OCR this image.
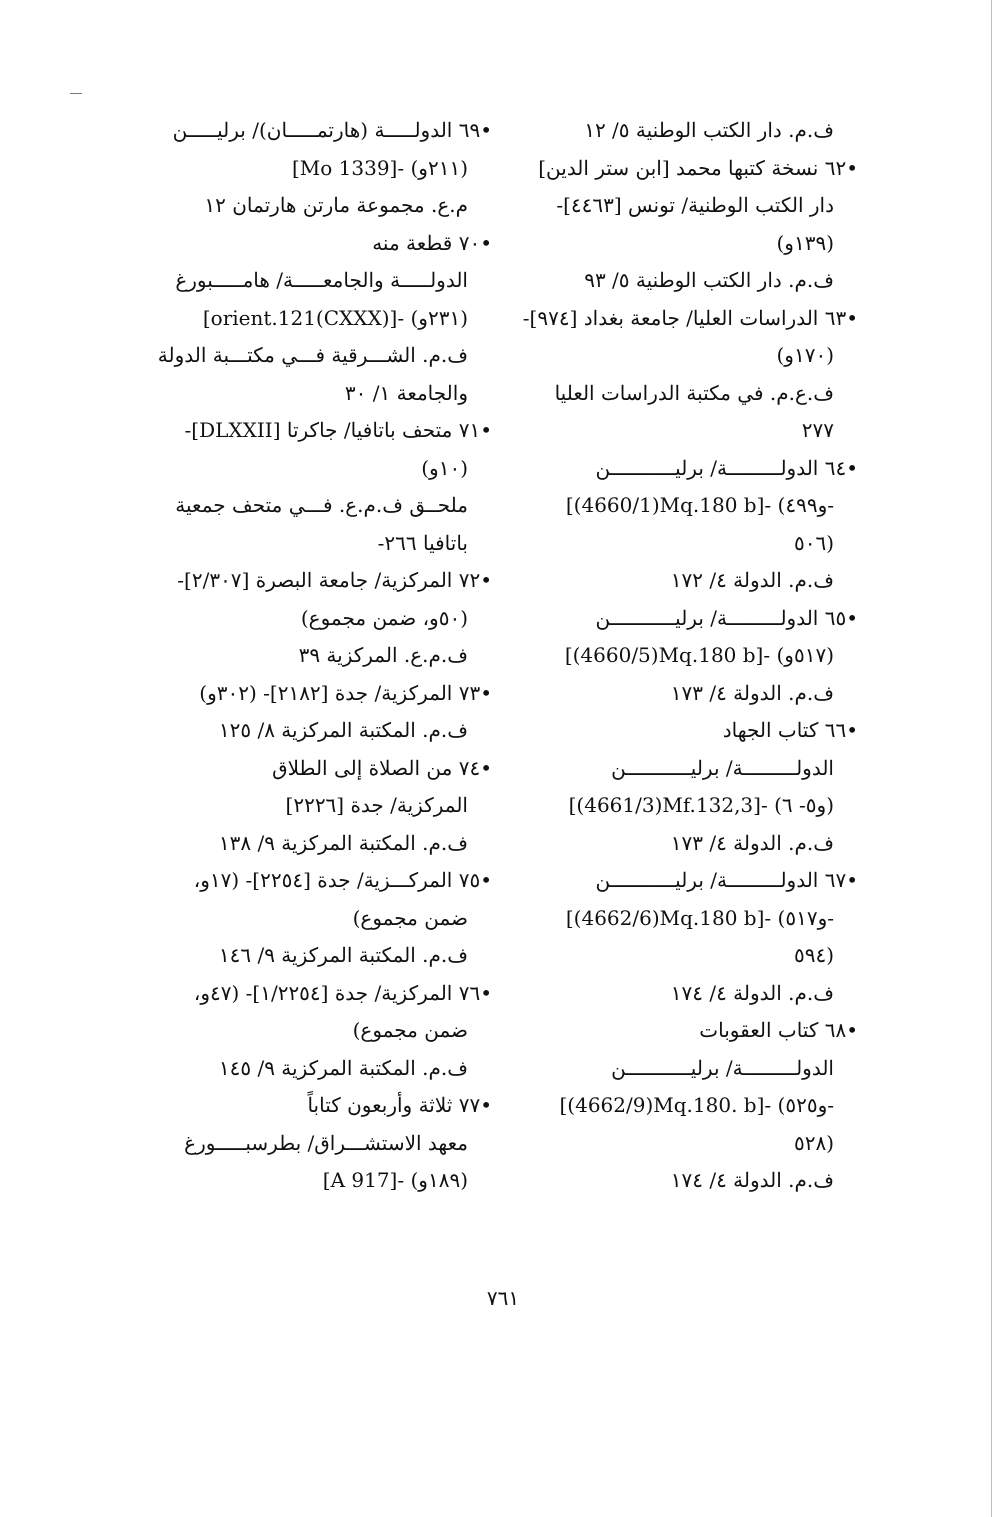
ف.م. دار الكتب الوطنية ٥/ ١٢
•٦٢ نسخة كتبها محمد [ابن ستر الدين]
دار الكتب الوطنية/ تونس [٤٤٦٣]-
(١٣٩و)
ف.م. دار الكتب الوطنية ٥/ ٩٣
•٦٣ الدراسات العليا/ جامعة بغداد [٩٧٤]-
(١٧٠و)
ف.ع.م. في مكتبة الدراسات العليا
٢٧٧
•٦٤ الدولـــــــــة/ برليـــــــــــن
[(4660/1)Mq.180 b]- (و٤٩٩-
٥٠٦)
ف.م. الدولة ٤/ ١٧٢
•٦٥ الدولـــــــــة/ برليـــــــــــن
[(4660/5)Mq.180 b]- (٥١٧و)
ف.م. الدولة ٤/ ١٧٣
•٦٦ كتاب الجهاد
الدولـــــــــة/ برليـــــــــــن
[(4661/3)Mf.132,3]- (و٥- ٦)
ف.م. الدولة ٤/ ١٧٣
•٦٧ الدولـــــــــة/ برليـــــــــــن
[(4662/6)Mq.180 b]- (و٥١٧-
٥٩٤)
ف.م. الدولة ٤/ ١٧٤
•٦٨ كتاب العقوبات
الدولـــــــــة/ برليـــــــــــن
[(4662/9)Mq.180. b]- (و٥٢٥-
٥٢٨)
ف.م. الدولة ٤/ ١٧٤
•٦٩ الدولـــــة (هارتمـــــان)/ برليـــــن
[Mo 1339]- (٢١١و)
م.ع. مجموعة مارتن هارتمان ١٢
•٧٠ قطعة منه
الدولـــــة والجامعـــــة/ هامـــــبورغ
[orient.121(CXXX)]- (٢٣١و)
ف.م. الشـــرقية فـــي مكتـــبة الدولة
والجامعة ١/ ٣٠
•٧١ متحف باتافيا/ جاكرتا [DLXXII]-
(١٠و)
ملحــق ف.م.ع. فـــي متحف جمعية
باتافيا ٢٦٦-
•٧٢ المركزية/ جامعة البصرة [٢/٣٠٧]-
(٥٠و، ضمن مجموع)
ف.م.ع. المركزية ٣٩
•٧٣ المركزية/ جدة [٢١٨٢]- (٣٠٢و)
ف.م. المكتبة المركزية ٨/ ١٢٥
•٧٤ من الصلاة إلى الطلاق
المركزية/ جدة [٢٢٢٦]
ف.م. المكتبة المركزية ٩/ ١٣٨
•٧٥ المركـــزية/ جدة [٢٢٥٤]- (١٧و،
ضمن مجموع)
ف.م. المكتبة المركزية ٩/ ١٤٦
•٧٦ المركزية/ جدة [١/٢٢٥٤]- (٤٧و،
ضمن مجموع)
ف.م. المكتبة المركزية ٩/ ١٤٥
•٧٧ ثلاثة وأربعون كتاباً
معهد الاستشـــراق/ بطرسبـــــورغ
[A 917]- (١٨٩و)
٧٦١
